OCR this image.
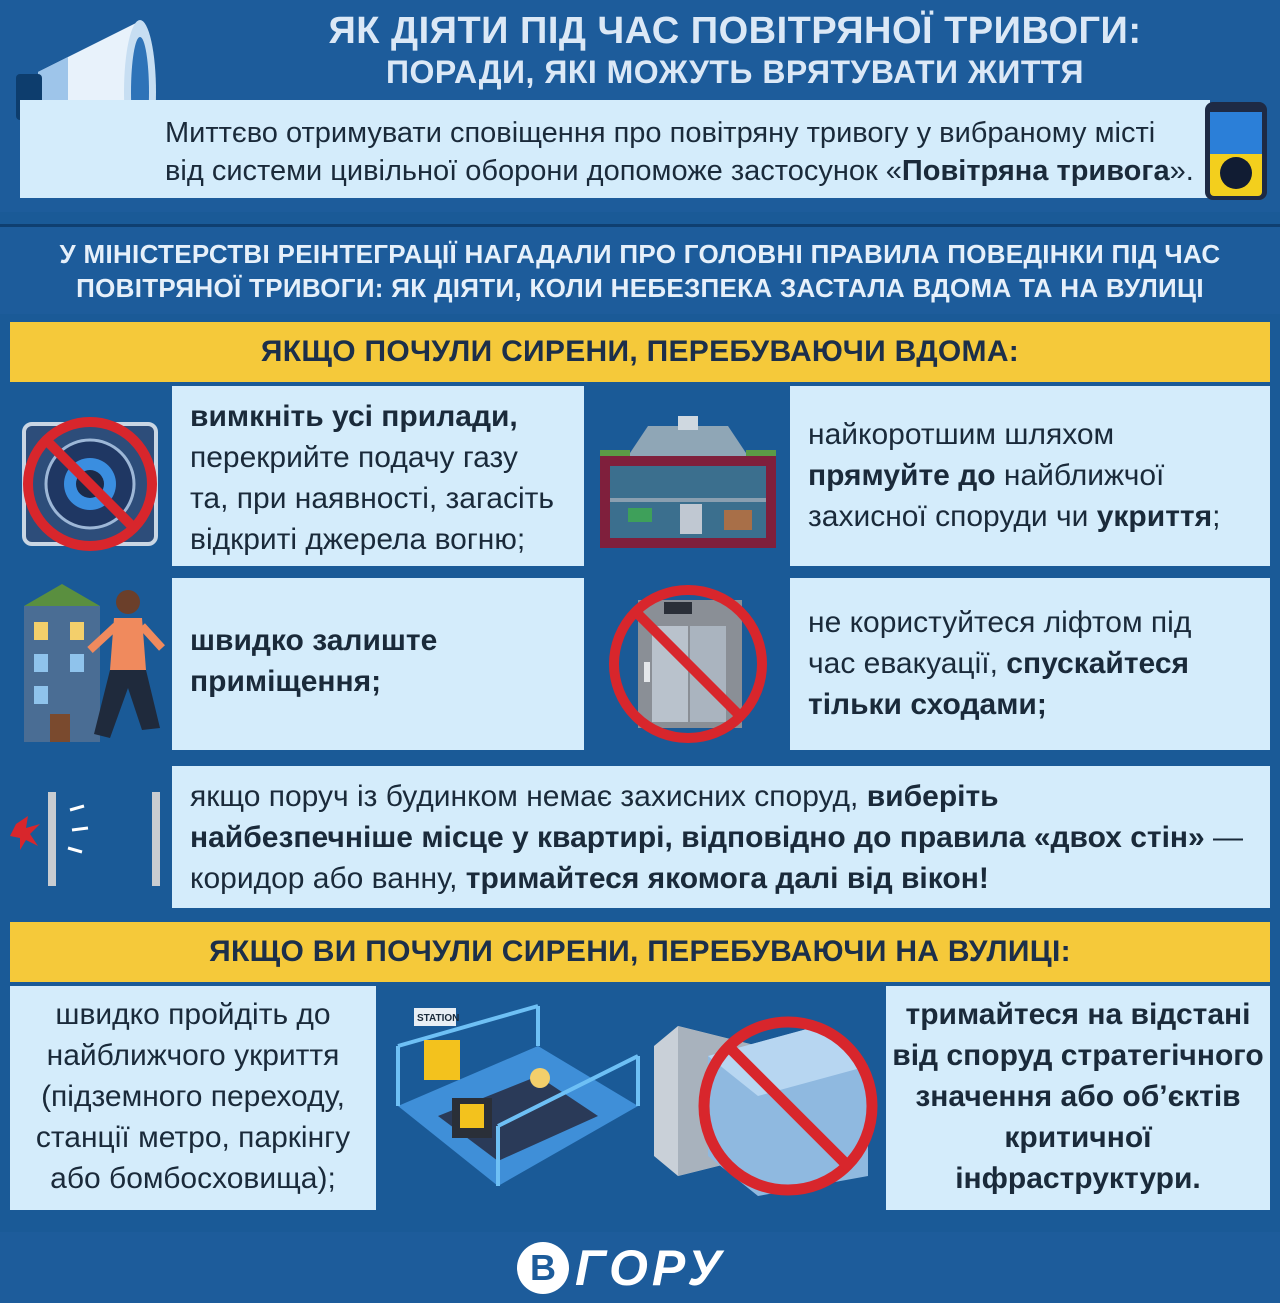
ЯК ДІЯТИ ПІД ЧАС ПОВІТРЯНОЇ ТРИВОГИ:
ПОРАДИ, ЯКІ МОЖУТЬ ВРЯТУВАТИ ЖИТТЯ
Миттєво отримувати сповіщення про повітряну тривогу у вибраному місті
від системи цивільної оборони допоможе застосунок «Повітряна тривога».
У МІНІСТЕРСТВІ РЕІНТЕГРАЦІЇ НАГАДАЛИ ПРО ГОЛОВНІ ПРАВИЛА ПОВЕДІНКИ ПІД ЧАС
ПОВІТРЯНОЇ ТРИВОГИ: ЯК ДІЯТИ, КОЛИ НЕБЕЗПЕКА ЗАСТАЛА ВДОМА ТА НА ВУЛИЦІ
ЯКЩО ПОЧУЛИ СИРЕНИ, ПЕРЕБУВАЮЧИ ВДОМА:
вимкніть усі прилади,
перекрийте подачу газу
та, при наявності, загасіть
відкриті джерела вогню;
найкоротшим шляхом
прямуйте до найближчої
захисної споруди чи укриття;
швидко залиште
приміщення;
не користуйтеся ліфтом під
час евакуації, спускайтеся
тільки сходами;
якщо поруч із будинком немає захисних споруд, виберіть
найбезпечніше місце у квартирі, відповідно до правила «двох стін» —
коридор або ванну, тримайтеся якомога далі від вікон!
ЯКЩО ВИ ПОЧУЛИ СИРЕНИ, ПЕРЕБУВАЮЧИ НА ВУЛИЦІ:
швидко пройдіть до
найближчого укриття
(підземного переходу,
станції метро, паркінгу
або бомбосховища);
STATION	тримайтеся на відстані
від споруд стратегічного
значення або об’єктів
критичної
інфраструктури.
В ГОРУ
